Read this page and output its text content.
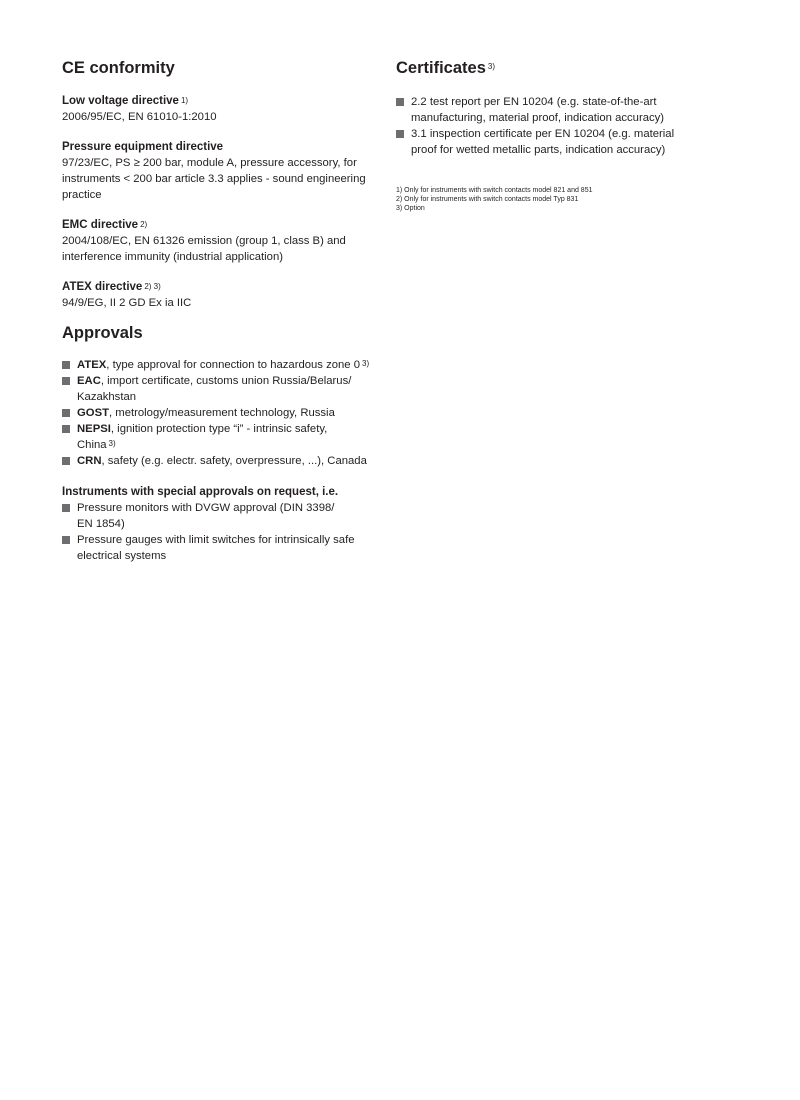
CE conformity
Low voltage directive $^{1)}$
2006/95/EC, EN 61010-1:2010
Pressure equipment directive
97/23/EC, PS ≥ 200 bar, module A, pressure accessory, for instruments < 200 bar article 3.3 applies - sound engineering practice
EMC directive $^{2)}$
2004/108/EC, EN 61326 emission (group 1, class B) and interference immunity (industrial application)
ATEX directive $^{2) 3)}$
94/9/EG, II 2 GD Ex ia IIC
Approvals
ATEX, type approval for connection to hazardous zone 0 $^{3)}$
EAC, import certificate, customs union Russia/Belarus/ Kazakhstan
GOST, metrology/measurement technology, Russia
NEPSI, ignition protection type “i” - intrinsic safety, China $^{3)}$
CRN, safety (e.g. electr. safety, overpressure, ...), Canada
Instruments with special approvals on request, i.e.
Pressure monitors with DVGW approval (DIN 3398/ EN 1854)
Pressure gauges with limit switches for intrinsically safe electrical systems
Certificates $^{3)}$
2.2 test report per EN 10204 (e.g. state-of-the-art manufacturing, material proof, indication accuracy)
3.1 inspection certificate per EN 10204 (e.g. material proof for wetted metallic parts, indication accuracy)
1) Only for instruments with switch contacts model 821 and 851
2) Only for instruments with switch contacts model Typ 831
3) Option
